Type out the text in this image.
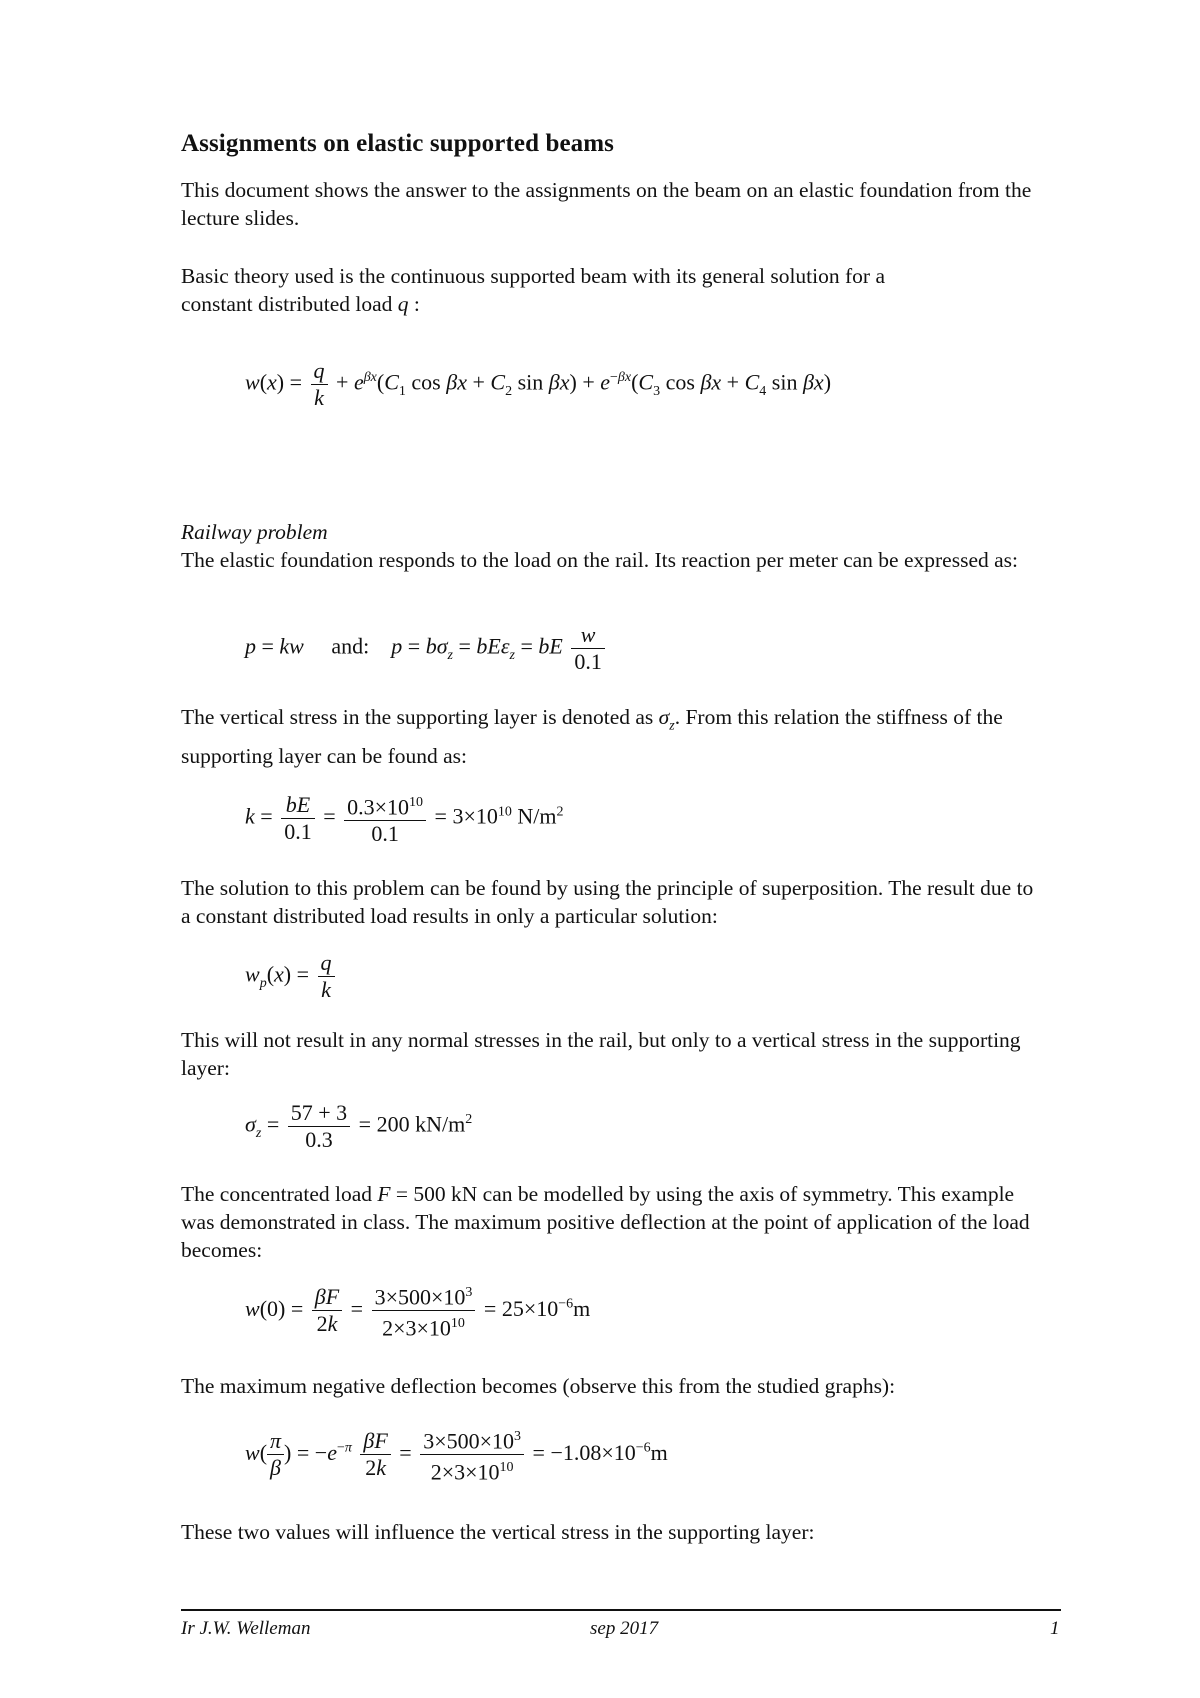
Assignments on elastic supported beams
This document shows the answer to the assignments on the beam on an elastic foundation from the lecture slides.
Basic theory used is the continuous supported beam with its general solution for a
constant distributed load q :
$w(x) = \frac{q}{k} + e^{\beta x}(C_1$ $\cos \beta x + C_2$ $\sin \beta x) + e^{-\beta x}(C_3$ $\cos \beta x + C_4$ sin βx)
Railway problem
The elastic foundation responds to the load on the rail. Its reaction per meter can be expressed as:
p = kw and: $p = b\sigma_z = bE\varepsilon_z$ = bE $\frac{w}{0.1}$
The vertical stress in the supporting layer is denoted as $\sigma_z$. From this relation the stiffness of the supporting layer can be found as:
$k = \frac{bE}{0.1} = \frac{0.3\times 10^{10}}{0.1} = 3\times 10^{10}$ $N/m^2$
The solution to this problem can be found by using the principle of superposition. The result due to a constant distributed load results in only a particular solution:
$w_p(x) = \frac{q}{k}$
This will not result in any normal stresses in the rail, but only to a vertical stress in the supporting layer:
$\sigma_z = \frac{57 + 3}{0.3} = 200$ $kN/m^2$
The concentrated load F = 500 kN can be modelled by using the axis of symmetry. This example was demonstrated in class. The maximum positive deflection at the point of application of the load becomes:
$w(0) = \frac{\beta F}{2k} = \frac{3\times 500\times 10^3}{2\times 3\times 10^{10}} = 25\times 10^{-6}m$
The maximum negative deflection becomes (observe this from the studied graphs):
$w( \frac{\pi}{\beta}$ ) = $-e^{-\pi} \frac{\beta F}{2k} = \frac{3\times 500\times 10^3}{2\times 3\times 10^{10}} = -1.08\times 10^{-6}m$
These two values will influence the vertical stress in the supporting layer:
Ir J.W. Welleman	sep 2017	1
